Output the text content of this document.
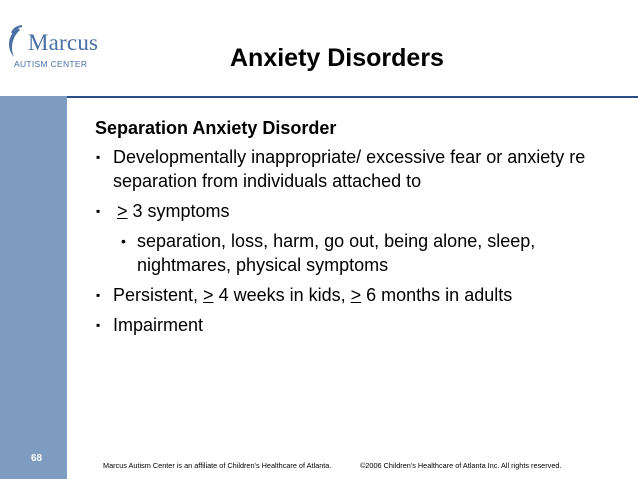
Marcus
AUTISM CENTER	Anxiety Disorders
Separation Anxiety Disorder
▪ Developmentally inappropriate/ excessive fear or anxiety re separation from individuals attached to
▪ ≥ 3 symptoms
• separation, loss, harm, go out, being alone, sleep, nightmares, physical symptoms
▪ Persistent, > 4 weeks in kids, > 6 months in adults
▪ Impairment
68
Marcus Autism Center is an affiliate of Children's Healthcare of Atlanta.	©2006 Children's Healthcare of Atlanta Inc. All rights reserved.
